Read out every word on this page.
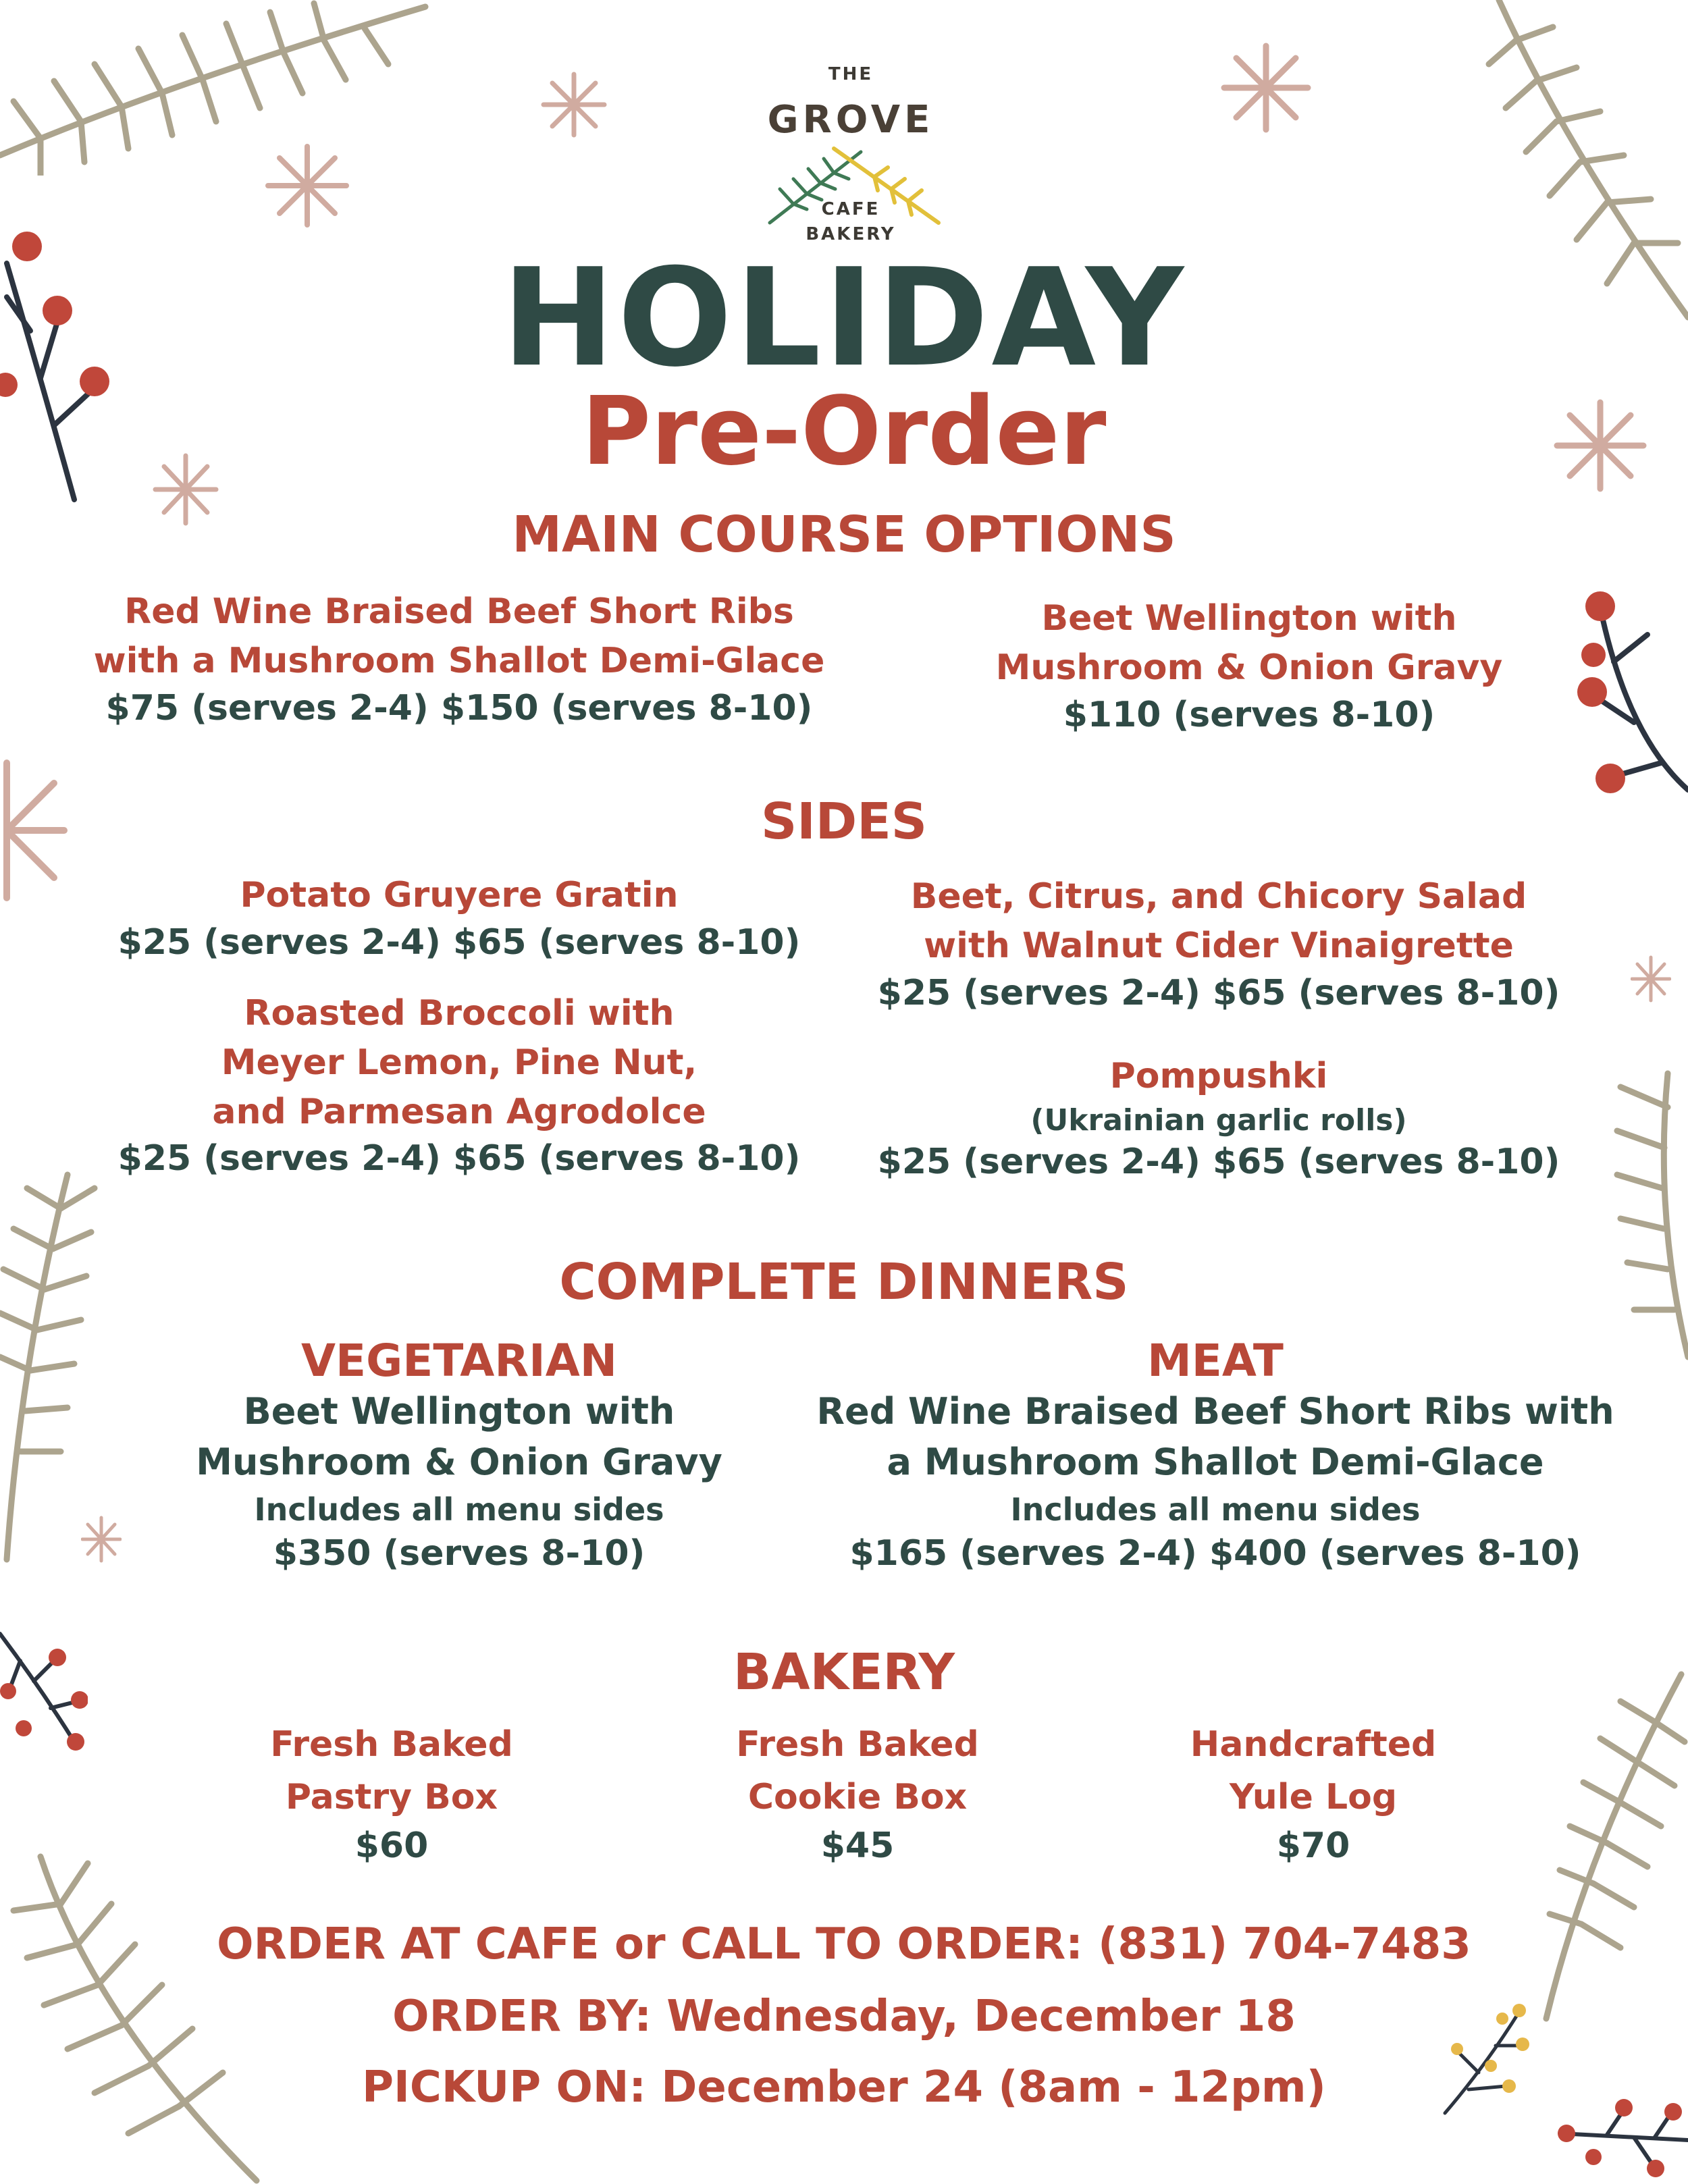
THE
GROVE
CAFE
BAKERY
HOLIDAY
Pre-Order
MAIN COURSE OPTIONS
Red Wine Braised Beef Short Ribs
with a Mushroom Shallot Demi-Glace
$75 (serves 2-4) $150 (serves 8-10)
Beet Wellington with
Mushroom & Onion Gravy
$110 (serves 8-10)
SIDES
Potato Gruyere Gratin
$25 (serves 2-4) $65 (serves 8-10)
Beet, Citrus, and Chicory Salad
with Walnut Cider Vinaigrette
$25 (serves 2-4) $65 (serves 8-10)
Roasted Broccoli with
Meyer Lemon, Pine Nut,
and Parmesan Agrodolce
$25 (serves 2-4) $65 (serves 8-10)
Pompushki
(Ukrainian garlic rolls)
$25 (serves 2-4) $65 (serves 8-10)
COMPLETE DINNERS
VEGETARIAN
Beet Wellington with
Mushroom & Onion Gravy
Includes all menu sides
$350 (serves 8-10)
MEAT
Red Wine Braised Beef Short Ribs with
a Mushroom Shallot Demi-Glace
Includes all menu sides
$165 (serves 2-4) $400 (serves 8-10)
BAKERY
Fresh Baked
Pastry Box
$60
Fresh Baked
Cookie Box
$45
Handcrafted
Yule Log
$70
ORDER AT CAFE or CALL TO ORDER: (831) 704-7483
ORDER BY: Wednesday, December 18
PICKUP ON: December 24 (8am - 12pm)
